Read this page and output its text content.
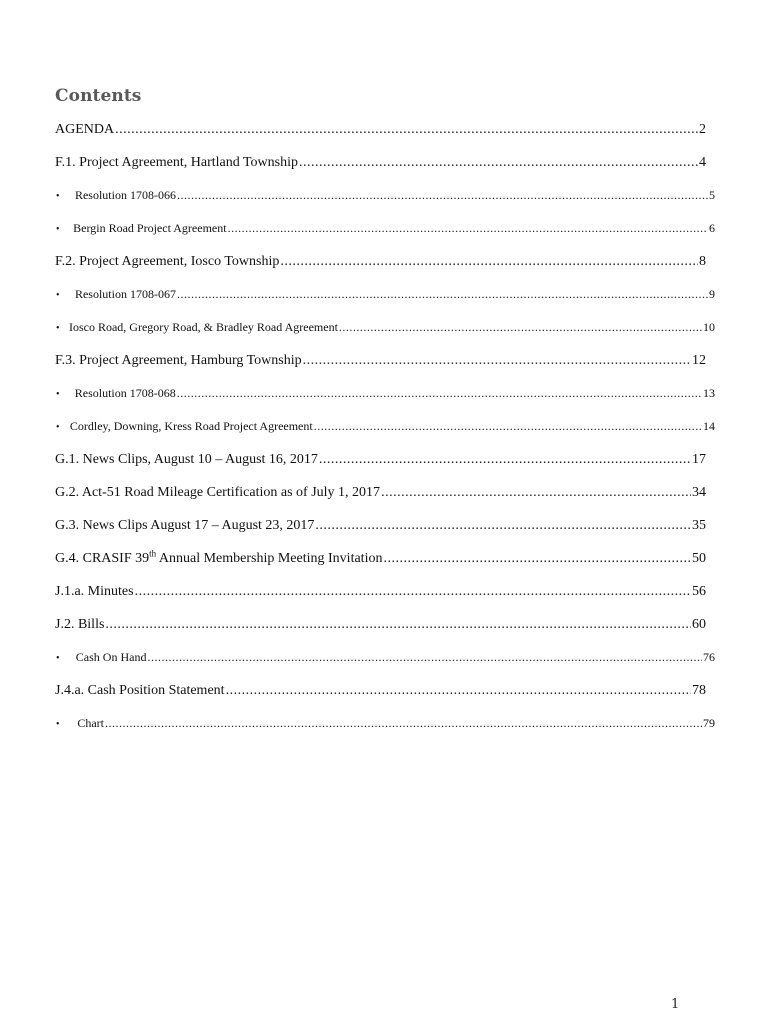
Contents
AGENDA .....	2
F.1. Project Agreement, Hartland Township .....	4
•	Resolution 1708-066 .....	5
•	Bergin Road Project Agreement .....	6
F.2. Project Agreement, Iosco Township .....	8
•	Resolution 1708-067 .....	9
• Iosco Road, Gregory Road, & Bradley Road Agreement .....	10
F.3. Project Agreement, Hamburg Township .....	12
•	Resolution 1708-068 .....	13
• Cordley, Downing, Kress Road Project Agreement .....	14
G.1. News Clips, August 10 – August 16, 2017 .....	17
G.2. Act-51 Road Mileage Certification as of July 1, 2017 .....	34
G.3. News Clips August 17 – August 23, 2017 .....	35
G.4. CRASIF 39th Annual Membership Meeting Invitation .....	50
J.1.a. Minutes .....	56
J.2. Bills .....	60
•	Cash On Hand .....	76
J.4.a. Cash Position Statement .....	78
•	Chart .....	79
1
